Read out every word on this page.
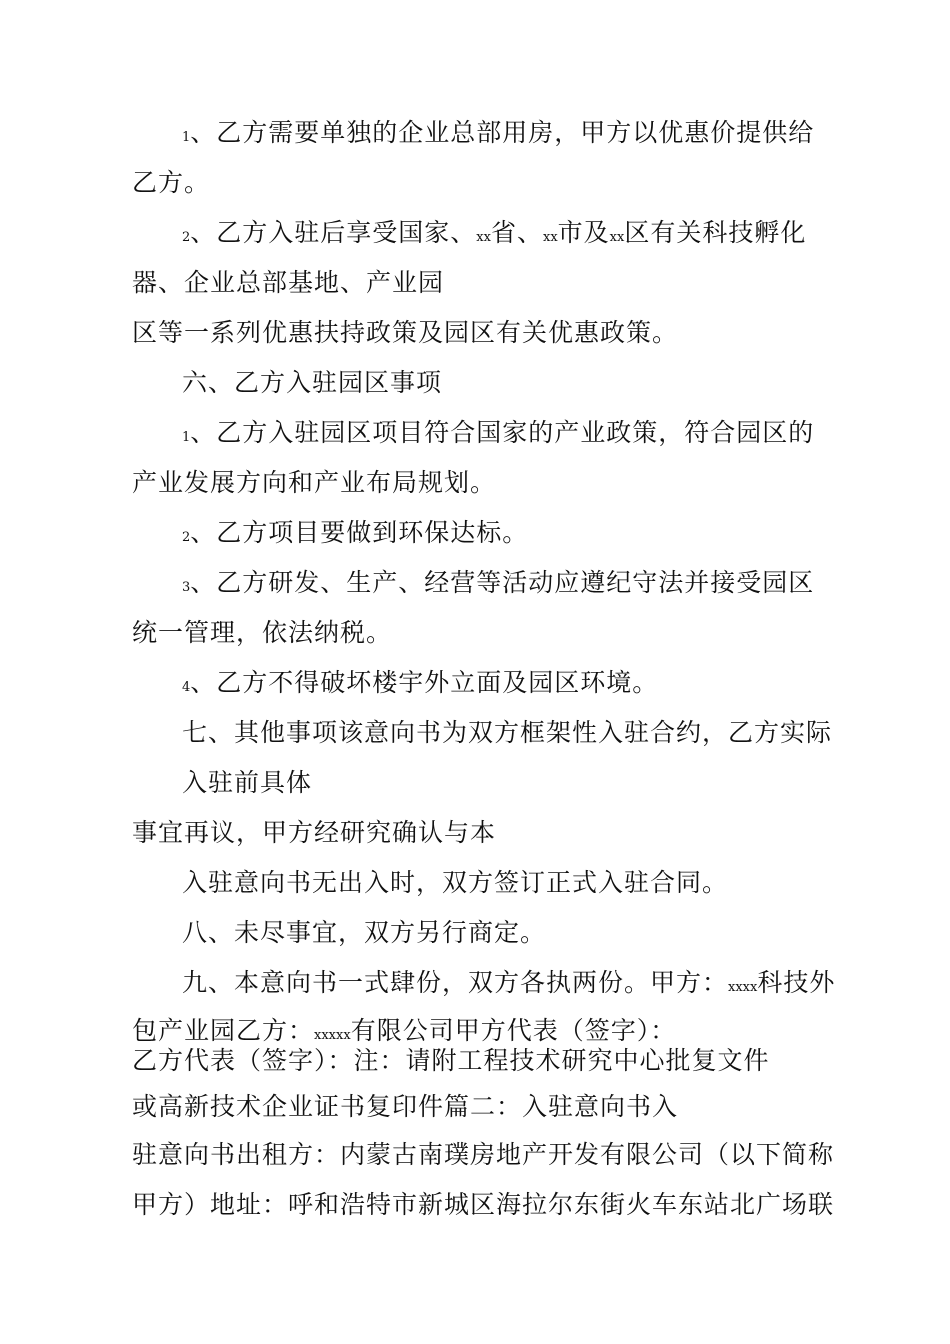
1、乙方需要单独的企业总部用房，甲方以优惠价提供给
乙方。
2、乙方入驻后享受国家、xx省、xx市及xx区有关科技孵化
器、企业总部基地、产业园
区等一系列优惠扶持政策及园区有关优惠政策。
六、乙方入驻园区事项
1、乙方入驻园区项目符合国家的产业政策，符合园区的
产业发展方向和产业布局规划。
2、乙方项目要做到环保达标。
3、乙方研发、生产、经营等活动应遵纪守法并接受园区
统一管理，依法纳税。
4、乙方不得破坏楼宇外立面及园区环境。
七、其他事项该意向书为双方框架性入驻合约，乙方实际
入驻前具体
事宜再议，甲方经研究确认与本
入驻意向书无出入时，双方签订正式入驻合同。
八、未尽事宜，双方另行商定。
九、本意向书一式肆份，双方各执两份。甲方：xxxx科技外
包产业园乙方：xxxxx有限公司甲方代表（签字）：
乙方代表（签字）：注：请附工程技术研究中心批复文件
或高新技术企业证书复印件篇二：入驻意向书入
驻意向书出租方：内蒙古南璞房地产开发有限公司（以下简称
甲方）地址：呼和浩特市新城区海拉尔东街火车东站北广场联
